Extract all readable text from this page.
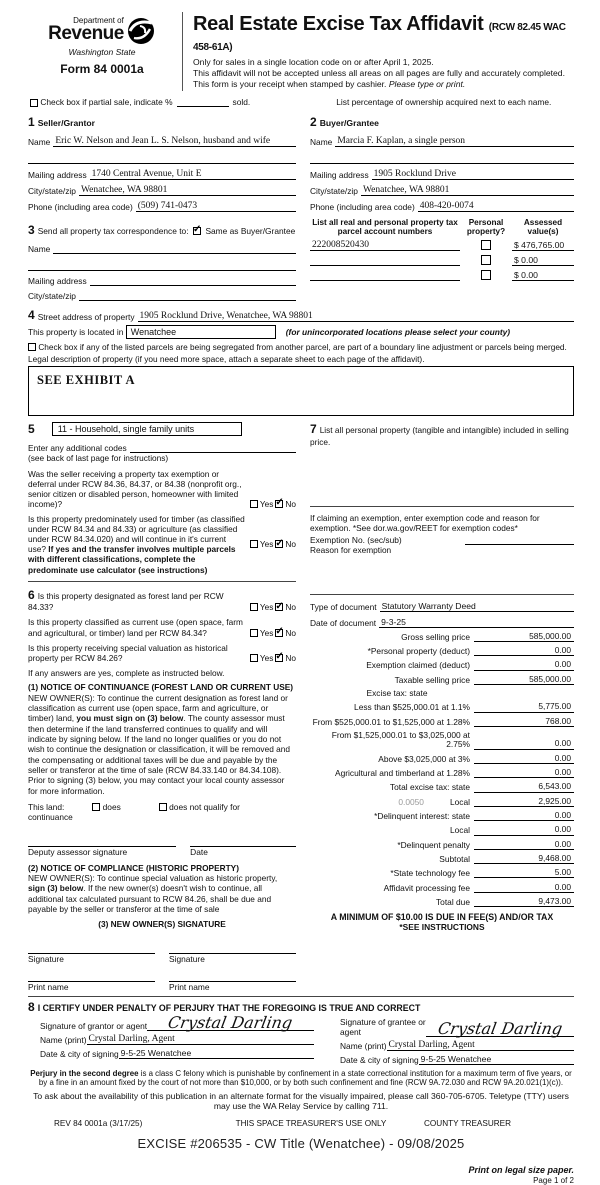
Department of
Revenue
Washington State
Form 84 0001a
Real Estate Excise Tax Affidavit (RCW 82.45 WAC 458-61A)
Only for sales in a single location code on or after April 1, 2025.
This affidavit will not be accepted unless all areas on all pages are fully and accurately completed.
This form is your receipt when stamped by cashier. Please type or print.

Check box if partial sale, indicate %	sold.	List percentage of ownership acquired next to each name.
1 Seller/Grantor
Name Eric W. Nelson and Jean L. S. Nelson, husband and wife
Mailing address 1740 Central Avenue, Unit E
City/state/zip Wenatchee, WA 98801
Phone (including area code) (509) 741-0473
3 Send all property tax correspondence to: ✓ Same as Buyer/Grantee
Name
Mailing address
City/state/zip
2 Buyer/Grantee
Name Marcia F. Kaplan, a single person
Mailing address 1905 Rocklund Drive
City/state/zip Wenatchee, WA 98801
Phone (including area code) 408-420-0074
List all real and personal property tax
parcel account numbers
Personal
property?
Assessed
value(s)
222008520430	$ 476,765.00
$ 0.00
$ 0.00
4 Street address of property 1905 Rocklund Drive, Wenatchee, WA 98801
This property is located in
Wenatchee	(for unincorporated locations please select your county)
Check box if any of the listed parcels are being segregated from another parcel, are part of a boundary line adjustment or parcels being merged.
Legal description of property (if you need more space, attach a separate sheet to each page of the affidavit).
SEE EXHIBIT A
5	11 - Household, single family units
Enter any additional codes
(see back of last page for instructions)
Was the seller receiving a property tax exemption or deferral under RCW 84.36, 84.37, or 84.38 (nonprofit org., senior citizen or disabled person, homeowner with limited income)?	Yes ✓ No
Is this property predominately used for timber (as classified under RCW 84.34 and 84.33) or agriculture (as classified under RCW 84.34.020) and will continue in it's current use? If yes and the transfer involves multiple parcels with different classifications, complete the predominate use calculator (see instructions)
Yes ✓ No
6 Is this property designated as forest land per RCW 84.33?	Yes ✓ No
Is this property classified as current use (open space, farm and agricultural, or timber) land per RCW 84.34?	Yes ✓ No
Is this property receiving special valuation as historical property per RCW 84.26?	Yes ✓ No
If any answers are yes, complete as instructed below.
(1) NOTICE OF CONTINUANCE (FOREST LAND OR CURRENT USE)
NEW OWNER(S): To continue the current designation as forest land or classification as current use (open space, farm and agriculture, or timber) land, you must sign on (3) below. The county assessor must then determine if the land transferred continues to qualify and will indicate by signing below. If the land no longer qualifies or you do not wish to continue the designation or classification, it will be removed and the compensating or additional taxes will be due and payable by the seller or transferor at the time of sale (RCW 84.33.140 or 84.34.108). Prior to signing (3) below, you may contact your local county assessor for more information.
This land:	does	does not qualify for
continuance
Deputy assessor signature	Date
(2) NOTICE OF COMPLIANCE (HISTORIC PROPERTY)
NEW OWNER(S): To continue special valuation as historic property, sign (3) below. If the new owner(s) doesn't wish to continue, all additional tax calculated pursuant to RCW 84.26, shall be due and payable by the seller or transferor at the time of sale
(3) NEW OWNER(S) SIGNATURE
Signature	Signature
Print name	Print name
7 List all personal property (tangible and intangible) included in selling price.
If claiming an exemption, enter exemption code and reason for exemption. *See dor.wa.gov/REET for exemption codes*
Exemption No. (sec/sub)
Reason for exemption
Type of document Statutory Warranty Deed
Date of document 9-3-25
Gross selling price	585,000.00
*Personal property (deduct)	0.00
Exemption claimed (deduct)	0.00
Taxable selling price	585,000.00
Excise tax: state
Less than $525,000.01 at 1.1%	5,775.00
From $525,000.01 to $1,525,000 at 1.28%	768.00
From $1,525,000.01 to $3,025,000 at 2.75%	0.00
Above $3,025,000 at 3%	0.00
Agricultural and timberland at 1.28%	0.00
Total excise tax: state	6,543.00
0.0050	Local	2,925.00
*Delinquent interest: state	0.00
Local	0.00
*Delinquent penalty	0.00
Subtotal	9,468.00
*State technology fee	5.00
Affidavit processing fee	0.00
Total due	9,473.00
A MINIMUM OF $10.00 IS DUE IN FEE(S) AND/OR TAX
*SEE INSTRUCTIONS
8 I CERTIFY UNDER PENALTY OF PERJURY THAT THE FOREGOING IS TRUE AND CORRECT
Signature of grantor or agent	Crystal Darling
Name (print) Crystal Darling, Agent
Date & city of signing 9-5-25 Wenatchee
Signature of grantee or agent	Crystal Darling
Name (print) Crystal Darling, Agent
Date & city of signing 9-5-25 Wenatchee
Perjury in the second degree is a class C felony which is punishable by confinement in a state correctional institution for a maximum term of five years, or by a fine in an amount fixed by the court of not more than $10,000, or by both such confinement and fine (RCW 9A.72.030 and RCW 9A.20.021(1)(c)).
To ask about the availability of this publication in an alternate format for the visually impaired, please call 360-705-6705. Teletype (TTY) users may use the WA Relay Service by calling 711.
REV 84 0001a (3/17/25)	THIS SPACE TREASURER'S USE ONLY	COUNTY TREASURER
EXCISE #206535 - CW Title (Wenatchee) - 09/08/2025
Print on legal size paper.
Page 1 of 2
